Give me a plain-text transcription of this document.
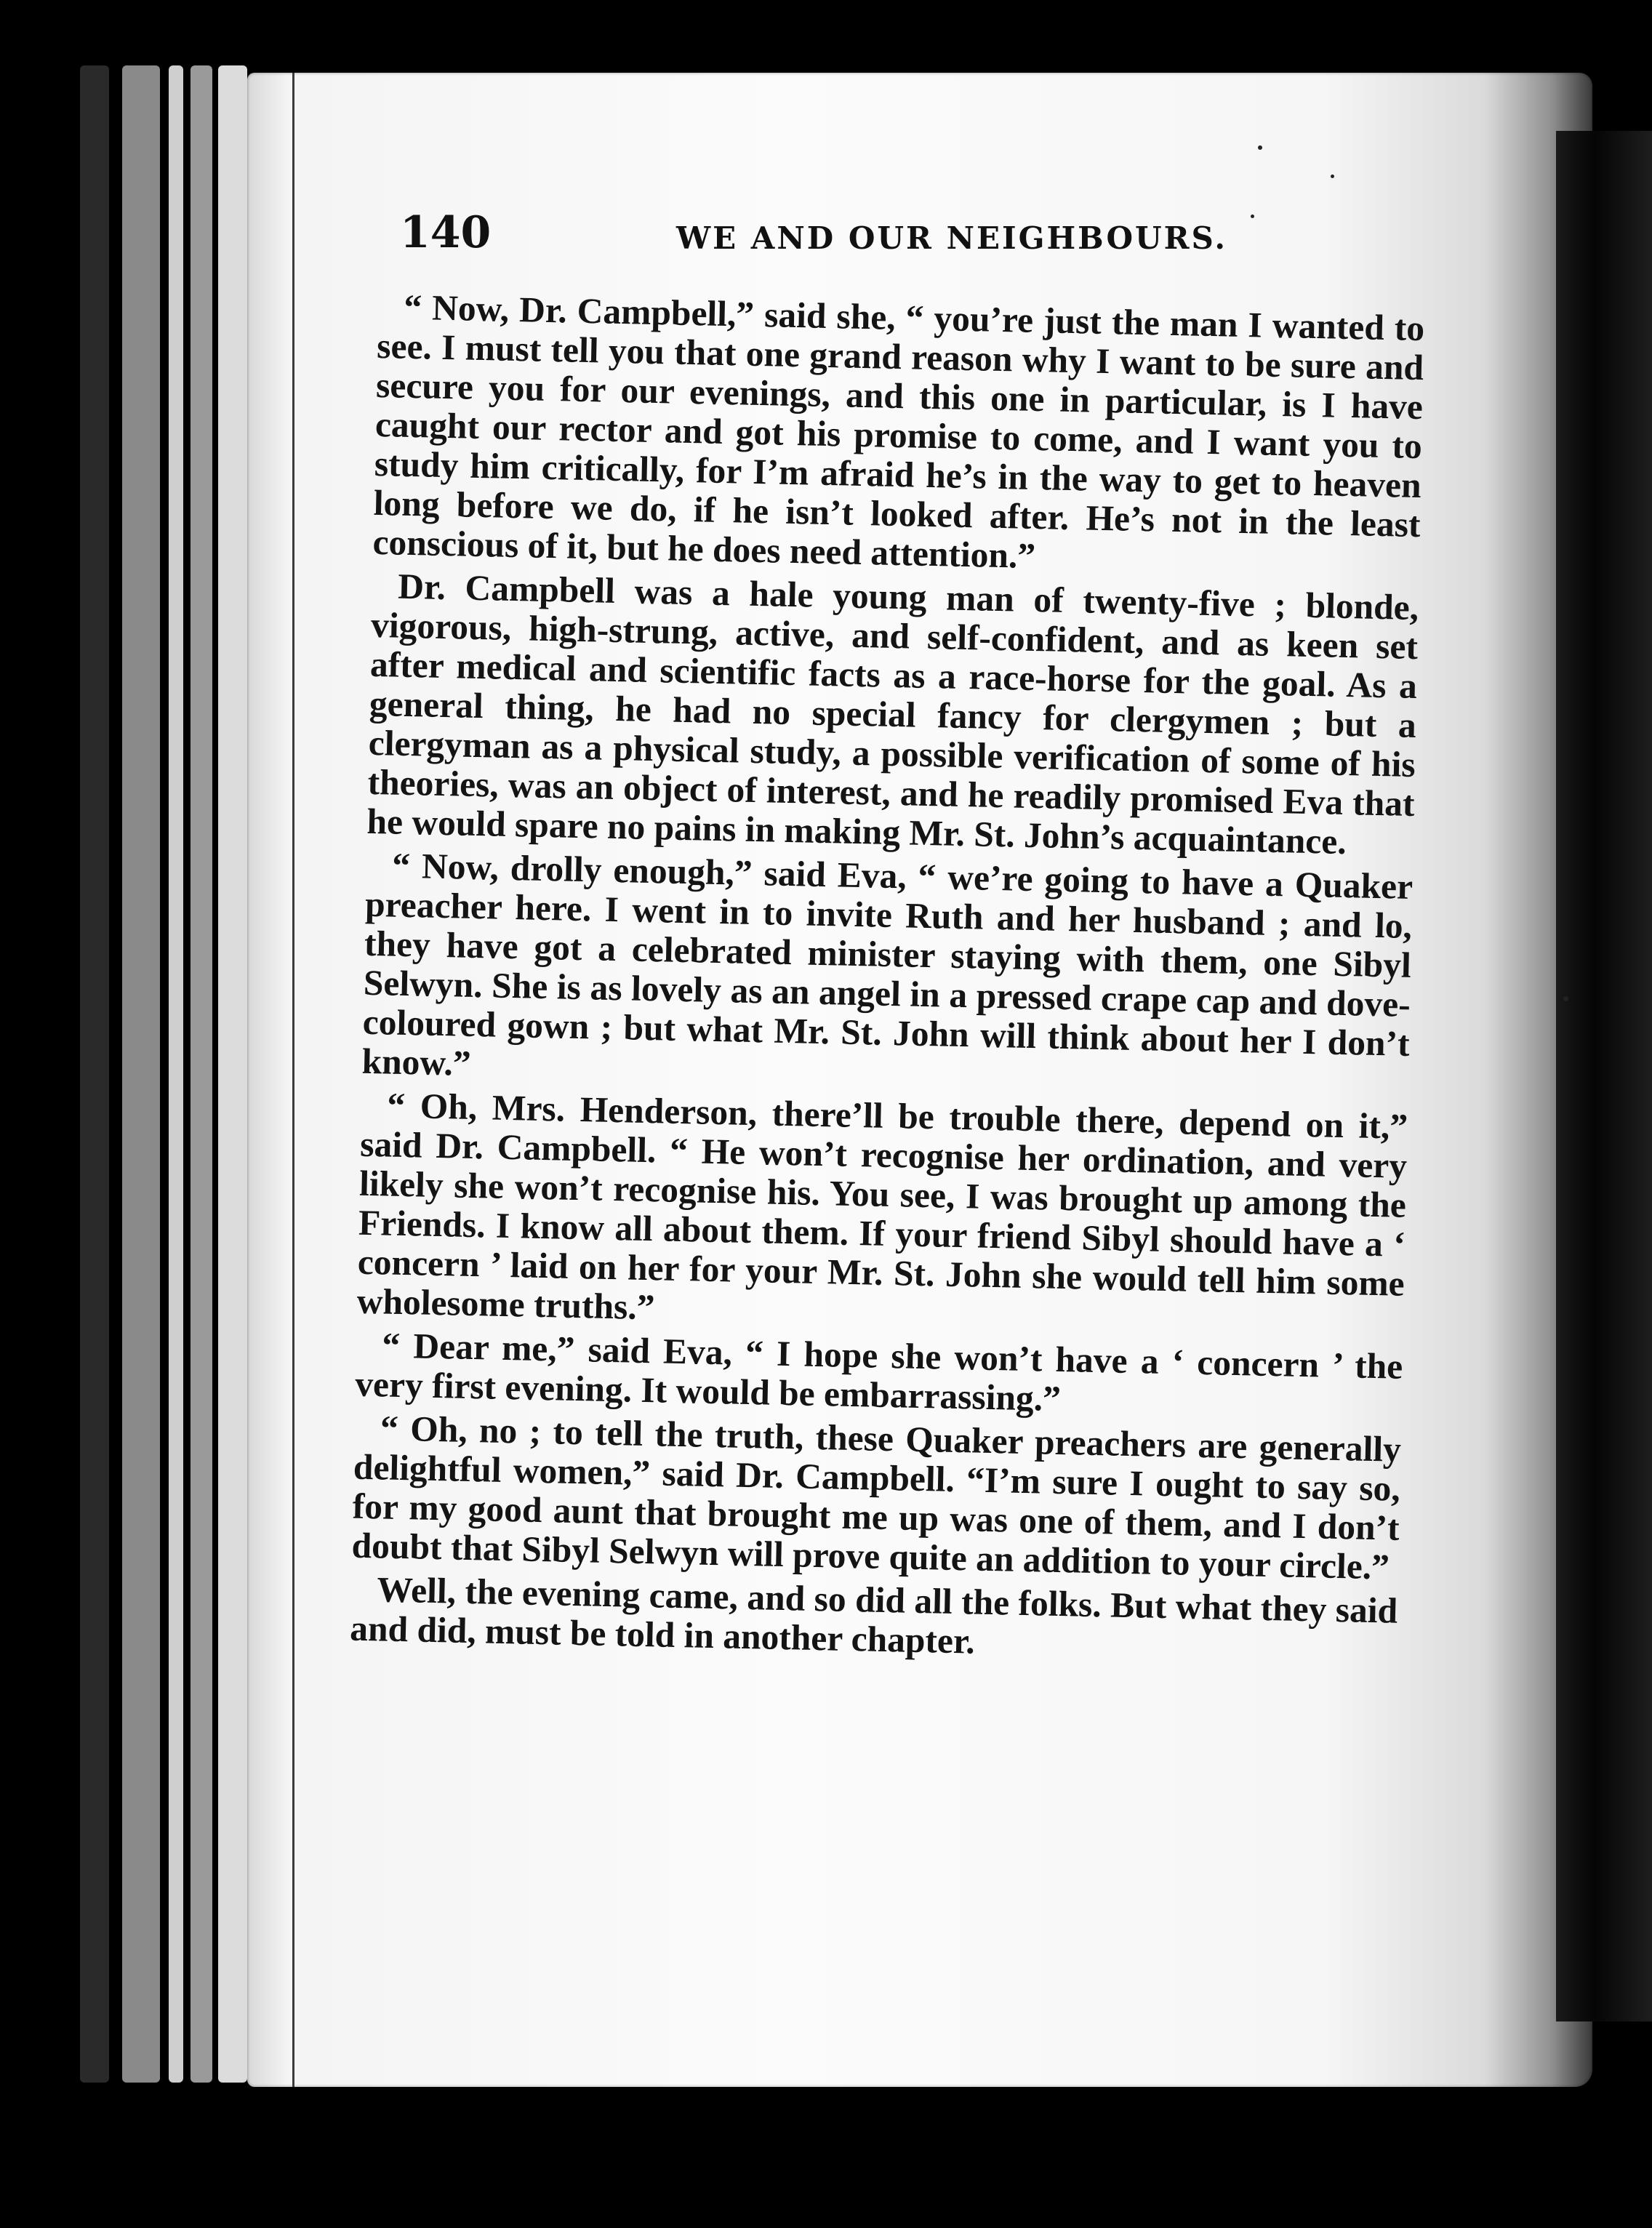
140	WE AND OUR NEIGHBOURS.

“ Now, Dr. Campbell,” said she, “ you’re just the man I wanted to see. I must tell you that one grand reason why I want to be sure and secure you for our evenings, and this one in particular, is I have caught our rector and got his promise to come, and I want you to study him critically, for I’m afraid he’s in the way to get to heaven long before we do, if he isn’t looked after. He’s not in the least conscious of it, but he does need attention.”

Dr. Campbell was a hale young man of twenty-five ; blonde, vigorous, high-strung, active, and self-confident, and as keen set after medical and scientific facts as a race-horse for the goal. As a general thing, he had no special fancy for clergymen ; but a clergyman as a physical study, a possible verification of some of his theories, was an object of interest, and he readily promised Eva that he would spare no pains in making Mr. St. John’s acquaintance.

“ Now, drolly enough,” said Eva, “ we’re going to have a Quaker preacher here. I went in to invite Ruth and her husband ; and lo, they have got a celebrated minister staying with them, one Sibyl Selwyn. She is as lovely as an angel in a pressed crape cap and dove-coloured gown ; but what Mr. St. John will think about her I don’t know.”

“ Oh, Mrs. Henderson, there’ll be trouble there, depend on it,” said Dr. Campbell. “ He won’t recognise her ordination, and very likely she won’t recognise his. You see, I was brought up among the Friends. I know all about them. If your friend Sibyl should have a ‘ concern ’ laid on her for your Mr. St. John she would tell him some wholesome truths.”

“ Dear me,” said Eva, “ I hope she won’t have a ‘ concern ’ the very first evening. It would be embarrassing.”

“ Oh, no ; to tell the truth, these Quaker preachers are generally delightful women,” said Dr. Campbell. “I’m sure I ought to say so, for my good aunt that brought me up was one of them, and I don’t doubt that Sibyl Selwyn will prove quite an addition to your circle.”

Well, the evening came, and so did all the folks. But what they said and did, must be told in another chapter.
